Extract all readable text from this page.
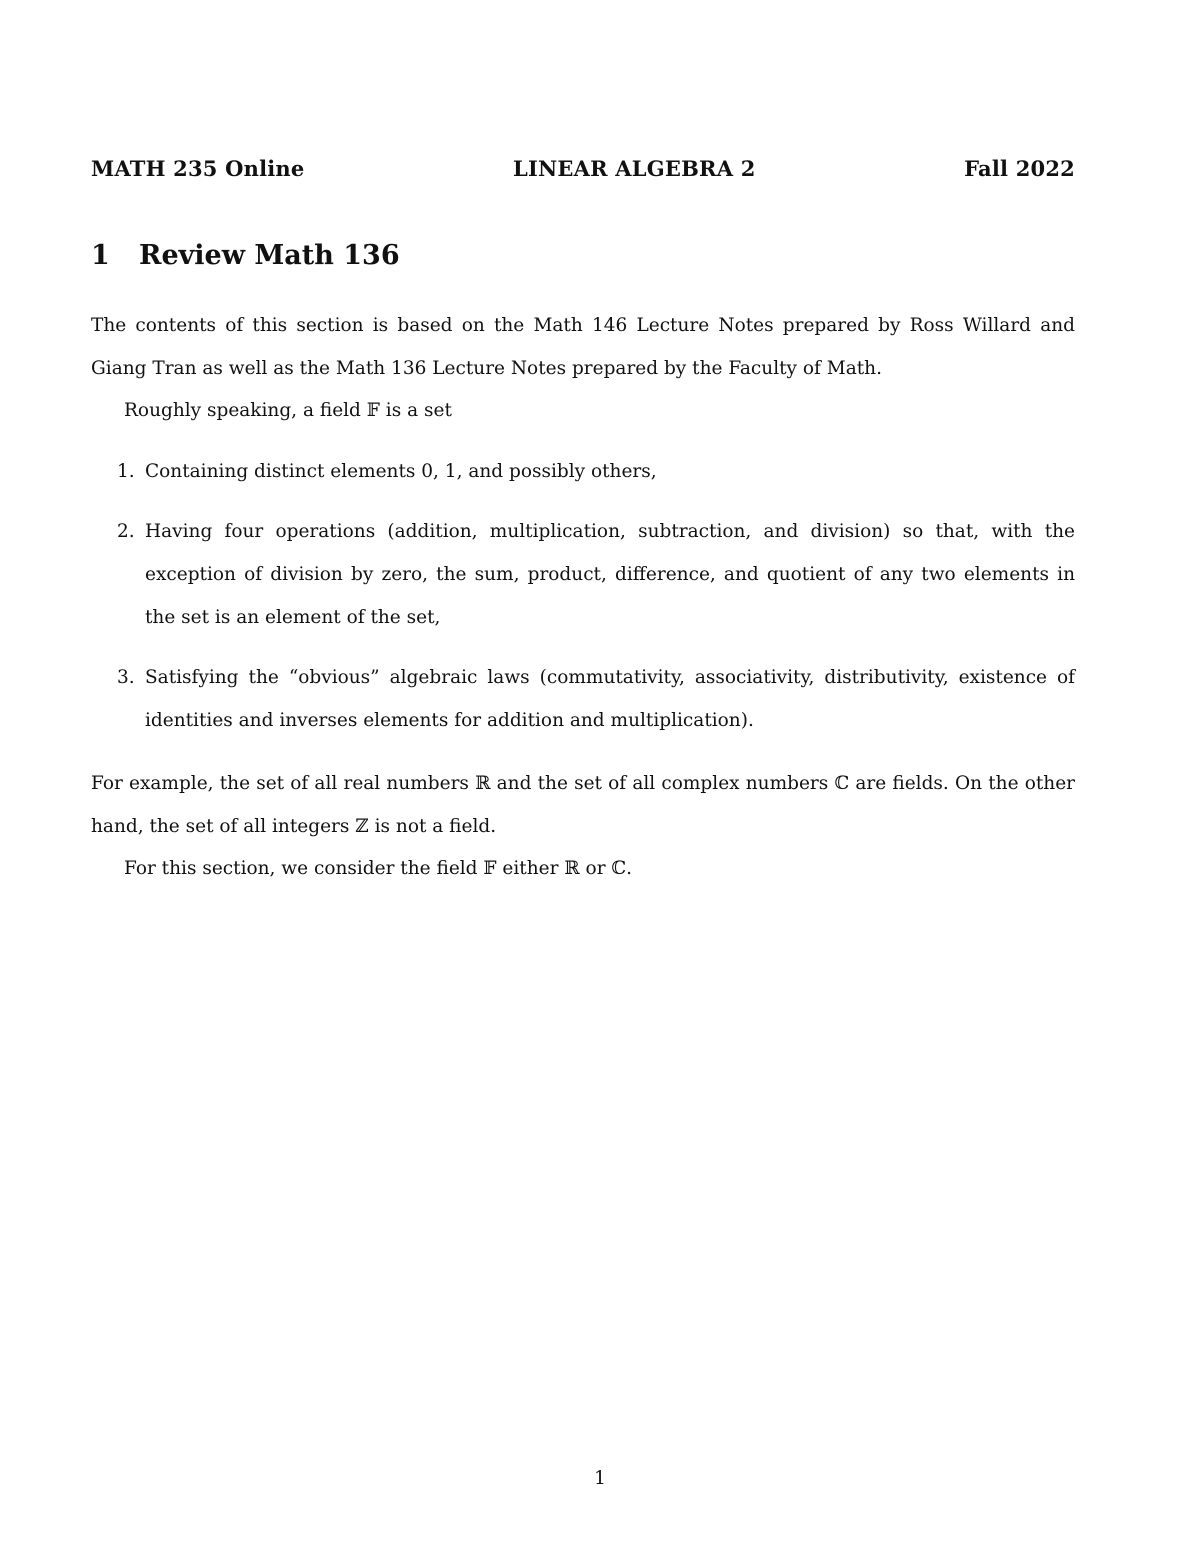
MATH 235 Online	LINEAR ALGEBRA 2	Fall 2022
1	Review Math 136
The contents of this section is based on the Math 146 Lecture Notes prepared by Ross Willard and Giang Tran as well as the Math 136 Lecture Notes prepared by the Faculty of Math.
Roughly speaking, a field 𝔽 is a set
1. Containing distinct elements 0, 1, and possibly others,
2. Having four operations (addition, multiplication, subtraction, and division) so that, with the exception of division by zero, the sum, product, difference, and quotient of any two elements in the set is an element of the set,
3. Satisfying the “obvious” algebraic laws (commutativity, associativity, distributivity, existence of identities and inverses elements for addition and multiplication).
For example, the set of all real numbers ℝ and the set of all complex numbers ℂ are fields. On the other hand, the set of all integers ℤ is not a field.
For this section, we consider the field 𝔽 either ℝ or ℂ.
1
